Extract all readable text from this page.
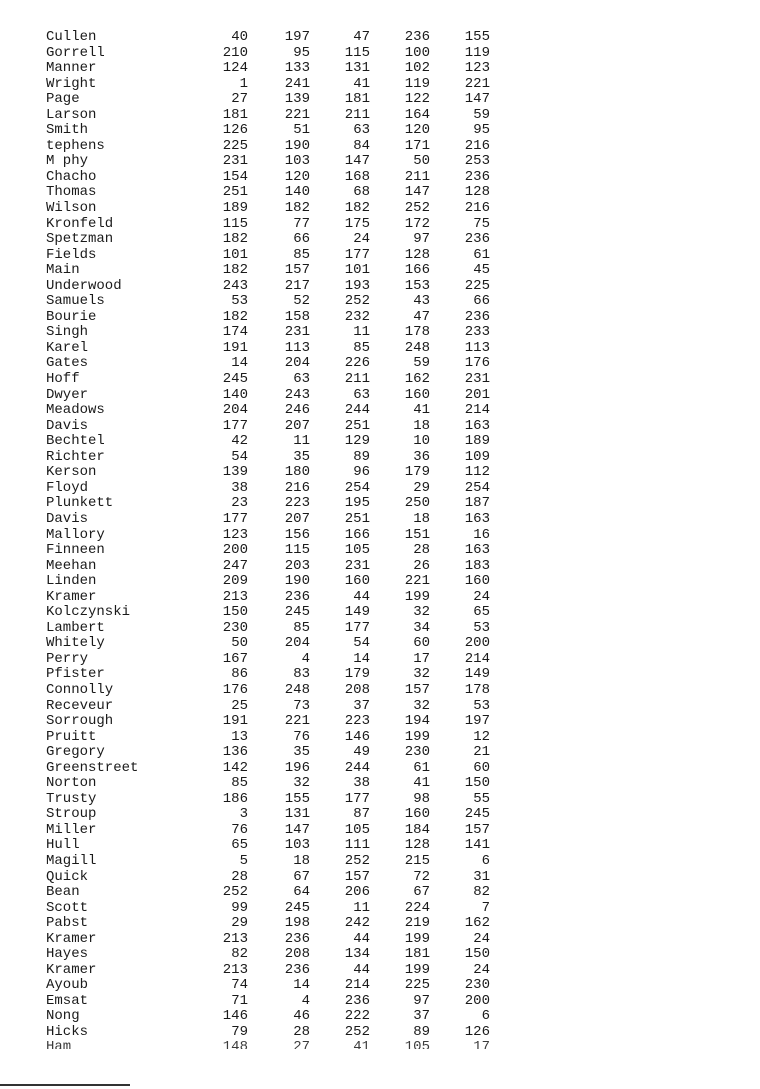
Cullen	40	197	47	236	155
Gorrell	210	95	115	100	119
Manner	124	133	131	102	123
Wright	1	241	41	119	221
Page	27	139	181	122	147
Larson	181	221	211	164	59
Smith	126	51	63	120	95
tephens	225	190	84	171	216
M phy	231	103	147	50	253
Chacho	154	120	168	211	236
Thomas	251	140	68	147	128
Wilson	189	182	182	252	216
Kronfeld	115	77	175	172	75
Spetzman	182	66	24	97	236
Fields	101	85	177	128	61
Main	182	157	101	166	45
Underwood	243	217	193	153	225
Samuels	53	52	252	43	66
Bourie	182	158	232	47	236
Singh	174	231	11	178	233
Karel	191	113	85	248	113
Gates	14	204	226	59	176
Hoff	245	63	211	162	231
Dwyer	140	243	63	160	201
Meadows	204	246	244	41	214
Davis	177	207	251	18	163
Bechtel	42	11	129	10	189
Richter	54	35	89	36	109
Kerson	139	180	96	179	112
Floyd	38	216	254	29	254
Plunkett	23	223	195	250	187
Davis	177	207	251	18	163
Mallory	123	156	166	151	16
Finneen	200	115	105	28	163
Meehan	247	203	231	26	183
Linden	209	190	160	221	160
Kramer	213	236	44	199	24
Kolczynski	150	245	149	32	65
Lambert	230	85	177	34	53
Whitely	50	204	54	60	200
Perry	167	4	14	17	214
Pfister	86	83	179	32	149
Connolly	176	248	208	157	178
Receveur	25	73	37	32	53
Sorrough	191	221	223	194	197
Pruitt	13	76	146	199	12
Gregory	136	35	49	230	21
Greenstreet	142	196	244	61	60
Norton	85	32	38	41	150
Trusty	186	155	177	98	55
Stroup	3	131	87	160	245
Miller	76	147	105	184	157
Hull	65	103	111	128	141
Magill	5	18	252	215	6
Quick	28	67	157	72	31
Bean	252	64	206	67	82
Scott	99	245	11	224	7
Pabst	29	198	242	219	162
Kramer	213	236	44	199	24
Hayes	82	208	134	181	150
Kramer	213	236	44	199	24
Ayoub	74	14	214	225	230
Emsat	71	4	236	97	200
Nong	146	46	222	37	6
Hicks	79	28	252	89	126
Ham	148	27	41	105	17
